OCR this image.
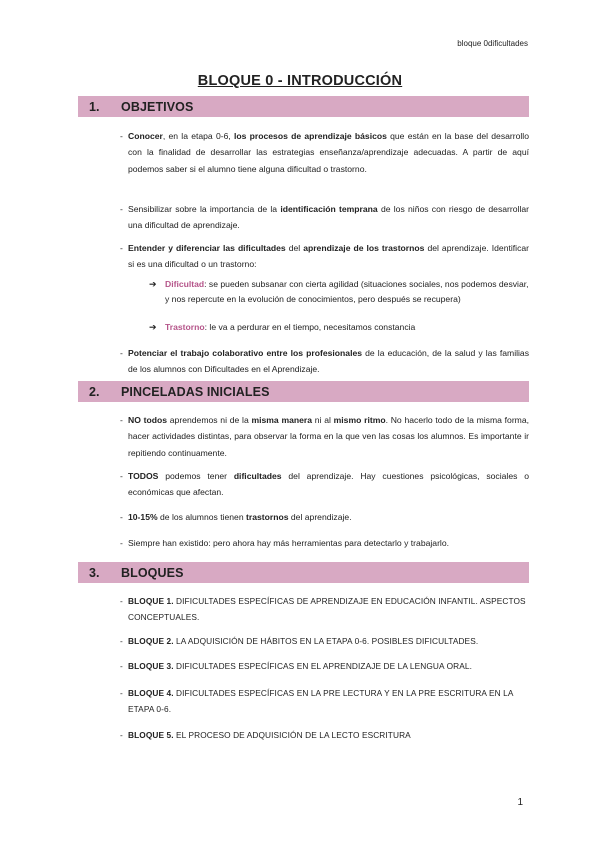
bloque 0dificultades
BLOQUE 0 - INTRODUCCIÓN
1.	OBJETIVOS
- Conocer, en la etapa 0-6, los procesos de aprendizaje básicos que están en la base del desarrollo con la finalidad de desarrollar las estrategias enseñanza/aprendizaje adecuadas. A partir de aquí podemos saber si el alumno tiene alguna dificultad o trastorno.

- Sensibilizar sobre la importancia de la identificación temprana de los niños con riesgo de desarrollar una dificultad de aprendizaje.

- Entender y diferenciar las dificultades del aprendizaje de los trastornos del aprendizaje. Identificar si es una dificultad o un trastorno:

➔ Dificultad: se pueden subsanar con cierta agilidad (situaciones sociales, nos podemos desviar, y nos repercute en la evolución de conocimientos, pero después se recupera)

➔ Trastorno: le va a perdurar en el tiempo, necesitamos constancia

- Potenciar el trabajo colaborativo entre los profesionales de la educación, de la salud y las familias de los alumnos con Dificultades en el Aprendizaje.

2.	PINCELADAS INICIALES
- NO todos aprendemos ni de la misma manera ni al mismo ritmo. No hacerlo todo de la misma forma, hacer actividades distintas, para observar la forma en la que ven las cosas los alumnos. Es importante ir repitiendo continuamente.

- TODOS podemos tener dificultades del aprendizaje. Hay cuestiones psicológicas, sociales o económicas que afectan.

- 10-15% de los alumnos tienen trastornos del aprendizaje.

- Siempre han existido: pero ahora hay más herramientas para detectarlo y trabajarlo.

3.	BLOQUES
- BLOQUE 1. DIFICULTADES ESPECÍFICAS DE APRENDIZAJE EN EDUCACIÓN INFANTIL. ASPECTOS CONCEPTUALES.

- BLOQUE 2. LA ADQUISICIÓN DE HÁBITOS EN LA ETAPA 0-6. POSIBLES DIFICULTADES.

- BLOQUE 3. DIFICULTADES ESPECÍFICAS EN EL APRENDIZAJE DE LA LENGUA ORAL.

- BLOQUE 4. DIFICULTADES ESPECÍFICAS EN LA PRE LECTURA Y EN LA PRE ESCRITURA EN LA ETAPA 0-6.

- BLOQUE 5. EL PROCESO DE ADQUISICIÓN DE LA LECTO ESCRITURA

1
